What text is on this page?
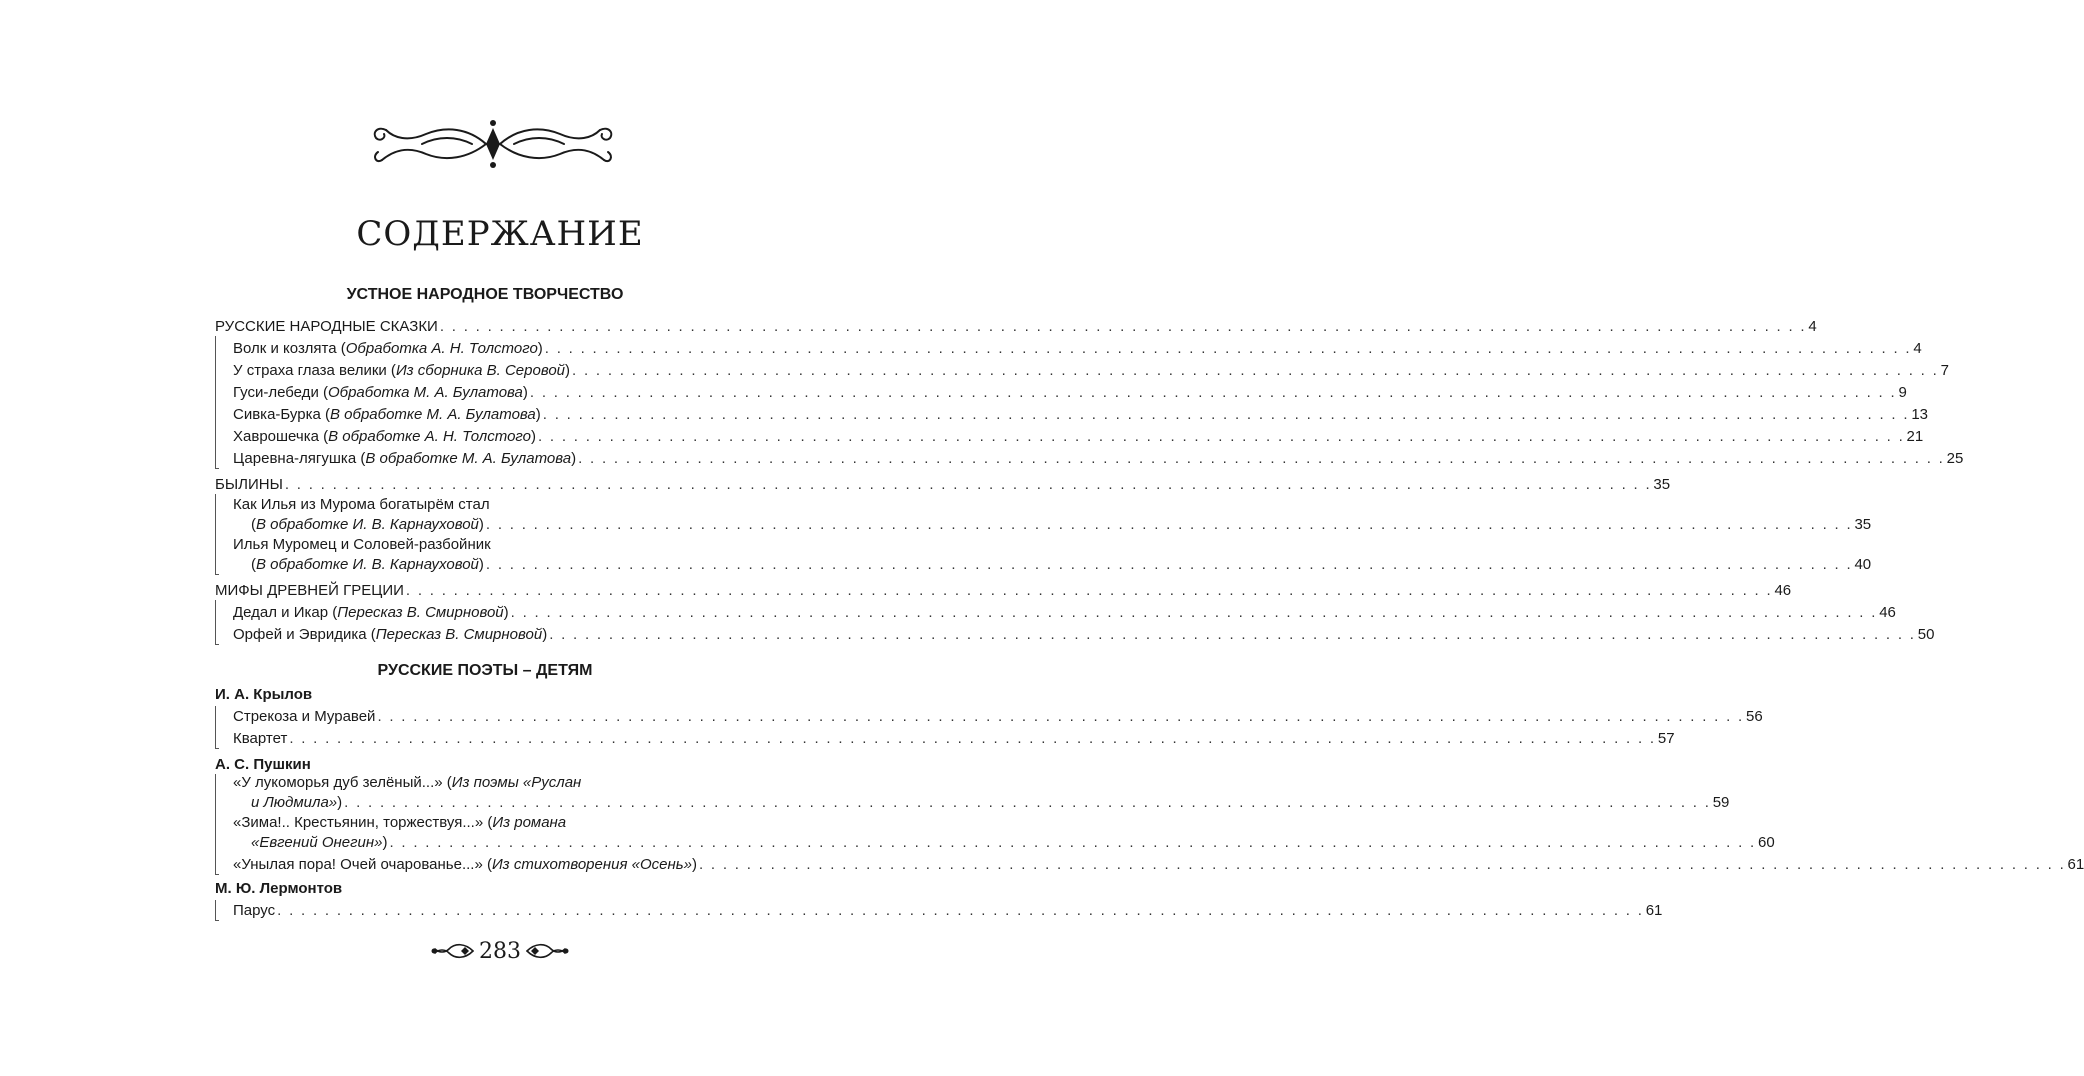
СОДЕРЖАНИЕ
УСТНОЕ НАРОДНОЕ ТВОРЧЕСТВО
РУССКИЕ НАРОДНЫЕ СКАЗКИ . . . . . . . . . . . . . . . . . . . . . . . . . . . . . . . . . . . . . . . . . . . . . . . . . . . . . . . . . . . . . . . . . . . . . . . . . . . . . . . . . . . . . . . . . . . . . . . . . . . . . . . . . . . . . . . . . . . 4
Волк и козлята (Обработка А. Н. Толстого) . . . . . . . . . . . . . . . . . . . . . . . . . . . . . . . . . . . . . . . . . . . . . . . . . . . . . . . . . . . . . . . . . . . . . . . . . . . . . . . . . . . . . . . . . . . . . . . . . . . . . . . . . . . . . . . . . . . 4
У страха глаза велики (Из сборника В. Серовой) . . . . . . . . . . . . . . . . . . . . . . . . . . . . . . . . . . . . . . . . . . . . . . . . . . . . . . . . . . . . . . . . . . . . . . . . . . . . . . . . . . . . . . . . . . . . . . . . . . . . . . . . . . . . . . . . . . . 7
Гуси-лебеди (Обработка М. А. Булатова) . . . . . . . . . . . . . . . . . . . . . . . . . . . . . . . . . . . . . . . . . . . . . . . . . . . . . . . . . . . . . . . . . . . . . . . . . . . . . . . . . . . . . . . . . . . . . . . . . . . . . . . . . . . . . . . . . . . 9
Сивка-Бурка (В обработке М. А. Булатова) . . . . . . . . . . . . . . . . . . . . . . . . . . . . . . . . . . . . . . . . . . . . . . . . . . . . . . . . . . . . . . . . . . . . . . . . . . . . . . . . . . . . . . . . . . . . . . . . . . . . . . . . . . . . . . . . . . . 13
Хаврошечка (В обработке А. Н. Толстого) . . . . . . . . . . . . . . . . . . . . . . . . . . . . . . . . . . . . . . . . . . . . . . . . . . . . . . . . . . . . . . . . . . . . . . . . . . . . . . . . . . . . . . . . . . . . . . . . . . . . . . . . . . . . . . . . . . . 21
Царевна-лягушка (В обработке М. А. Булатова) . . . . . . . . . . . . . . . . . . . . . . . . . . . . . . . . . . . . . . . . . . . . . . . . . . . . . . . . . . . . . . . . . . . . . . . . . . . . . . . . . . . . . . . . . . . . . . . . . . . . . . . . . . . . . . . . . . . 25
БЫЛИНЫ . . . . . . . . . . . . . . . . . . . . . . . . . . . . . . . . . . . . . . . . . . . . . . . . . . . . . . . . . . . . . . . . . . . . . . . . . . . . . . . . . . . . . . . . . . . . . . . . . . . . . . . . . . . . . . . . . . . 35
Как Илья из Мурома богатырём стал
(В обработке И. В. Карнауховой) . . . . . . . . . . . . . . . . . . . . . . . . . . . . . . . . . . . . . . . . . . . . . . . . . . . . . . . . . . . . . . . . . . . . . . . . . . . . . . . . . . . . . . . . . . . . . . . . . . . . . . . . . . . . . . . . . . . 35
Илья Муромец и Соловей-разбойник
(В обработке И. В. Карнауховой) . . . . . . . . . . . . . . . . . . . . . . . . . . . . . . . . . . . . . . . . . . . . . . . . . . . . . . . . . . . . . . . . . . . . . . . . . . . . . . . . . . . . . . . . . . . . . . . . . . . . . . . . . . . . . . . . . . . 40
МИФЫ ДРЕВНЕЙ ГРЕЦИИ . . . . . . . . . . . . . . . . . . . . . . . . . . . . . . . . . . . . . . . . . . . . . . . . . . . . . . . . . . . . . . . . . . . . . . . . . . . . . . . . . . . . . . . . . . . . . . . . . . . . . . . . . . . . . . . . . . . 46
Дедал и Икар (Пересказ В. Смирновой) . . . . . . . . . . . . . . . . . . . . . . . . . . . . . . . . . . . . . . . . . . . . . . . . . . . . . . . . . . . . . . . . . . . . . . . . . . . . . . . . . . . . . . . . . . . . . . . . . . . . . . . . . . . . . . . . . . . 46
Орфей и Эвридика (Пересказ В. Смирновой) . . . . . . . . . . . . . . . . . . . . . . . . . . . . . . . . . . . . . . . . . . . . . . . . . . . . . . . . . . . . . . . . . . . . . . . . . . . . . . . . . . . . . . . . . . . . . . . . . . . . . . . . . . . . . . . . . . . 50
РУССКИЕ ПОЭТЫ – ДЕТЯМ
И. А. Крылов
Стрекоза и Муравей . . . . . . . . . . . . . . . . . . . . . . . . . . . . . . . . . . . . . . . . . . . . . . . . . . . . . . . . . . . . . . . . . . . . . . . . . . . . . . . . . . . . . . . . . . . . . . . . . . . . . . . . . . . . . . . . . . . 56
Квартет . . . . . . . . . . . . . . . . . . . . . . . . . . . . . . . . . . . . . . . . . . . . . . . . . . . . . . . . . . . . . . . . . . . . . . . . . . . . . . . . . . . . . . . . . . . . . . . . . . . . . . . . . . . . . . . . . . . 57
А. С. Пушкин
«У лукоморья дуб зелёный...» (Из поэмы «Руслан
и Людмила») . . . . . . . . . . . . . . . . . . . . . . . . . . . . . . . . . . . . . . . . . . . . . . . . . . . . . . . . . . . . . . . . . . . . . . . . . . . . . . . . . . . . . . . . . . . . . . . . . . . . . . . . . . . . . . . . . . . 59
«Зима!.. Крестьянин, торжествуя...» (Из романа
«Евгений Онегин») . . . . . . . . . . . . . . . . . . . . . . . . . . . . . . . . . . . . . . . . . . . . . . . . . . . . . . . . . . . . . . . . . . . . . . . . . . . . . . . . . . . . . . . . . . . . . . . . . . . . . . . . . . . . . . . . . . . 60
«Унылая пора! Очей очарованье...» (Из стихотворения «Осень») . . . . . . . . . . . . . . . . . . . . . . . . . . . . . . . . . . . . . . . . . . . . . . . . . . . . . . . . . . . . . . . . . . . . . . . . . . . . . . . . . . . . . . . . . . . . . . . . . . . . . . . . . . . . . . . . . . . 61
М. Ю. Лермонтов
Парус . . . . . . . . . . . . . . . . . . . . . . . . . . . . . . . . . . . . . . . . . . . . . . . . . . . . . . . . . . . . . . . . . . . . . . . . . . . . . . . . . . . . . . . . . . . . . . . . . . . . . . . . . . . . . . . . . . . 61
283
